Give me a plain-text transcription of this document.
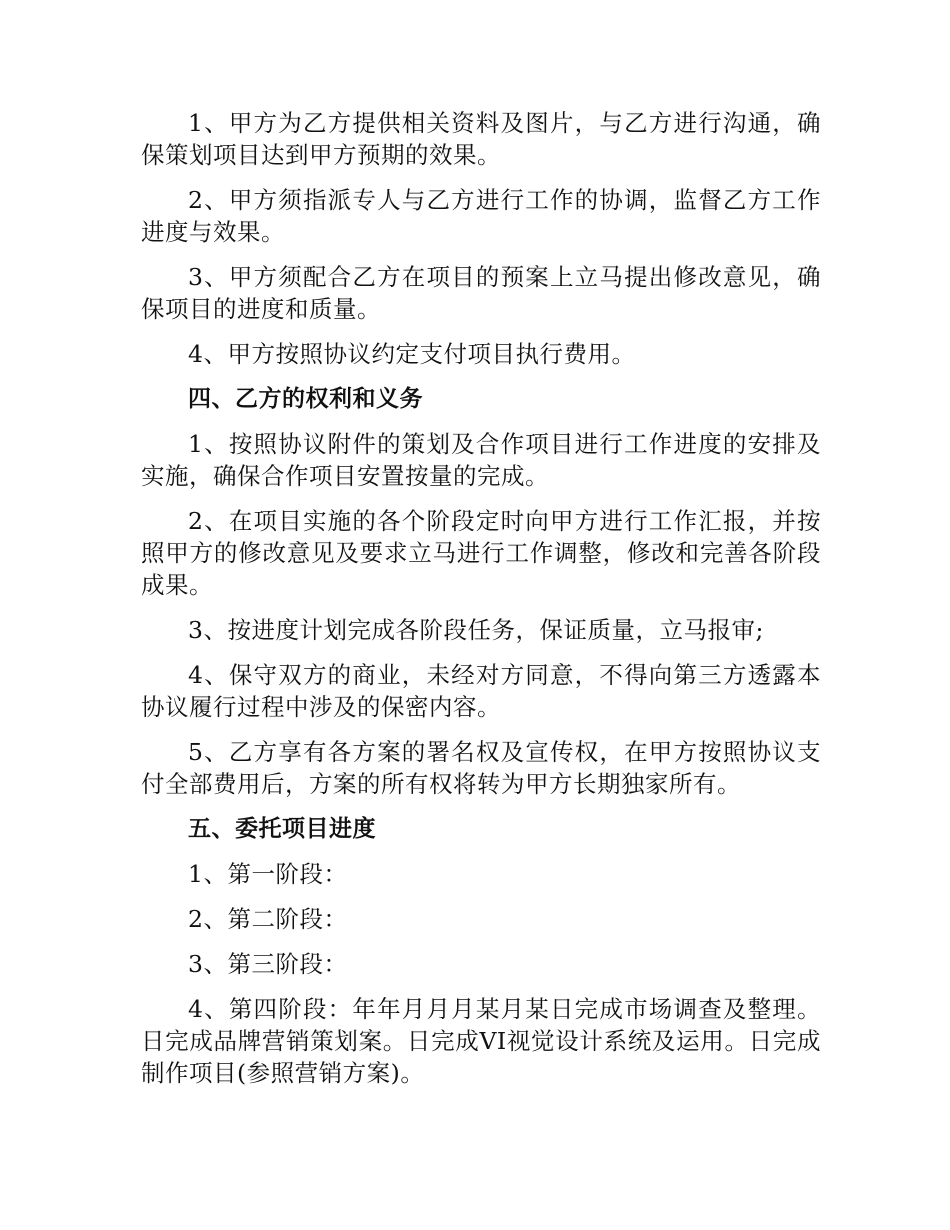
1、甲方为乙方提供相关资料及图片，与乙方进行沟通，确保策划项目达到甲方预期的效果。

2、甲方须指派专人与乙方进行工作的协调，监督乙方工作进度与效果。

3、甲方须配合乙方在项目的预案上立马提出修改意见，确保项目的进度和质量。

4、甲方按照协议约定支付项目执行费用。

四、乙方的权利和义务

1、按照协议附件的策划及合作项目进行工作进度的安排及实施，确保合作项目安置按量的完成。

2、在项目实施的各个阶段定时向甲方进行工作汇报，并按照甲方的修改意见及要求立马进行工作调整，修改和完善各阶段成果。

3、按进度计划完成各阶段任务，保证质量，立马报审;

4、保守双方的商业，未经对方同意，不得向第三方透露本协议履行过程中涉及的保密内容。

5、乙方享有各方案的署名权及宣传权，在甲方按照协议支付全部费用后，方案的所有权将转为甲方长期独家所有。

五、委托项目进度

1、第一阶段：

2、第二阶段：

3、第三阶段：

4、第四阶段：年年月月月某月某日完成市场调查及整理。日完成品牌营销策划案。日完成VI视觉设计系统及运用。日完成制作项目(参照营销方案)。
